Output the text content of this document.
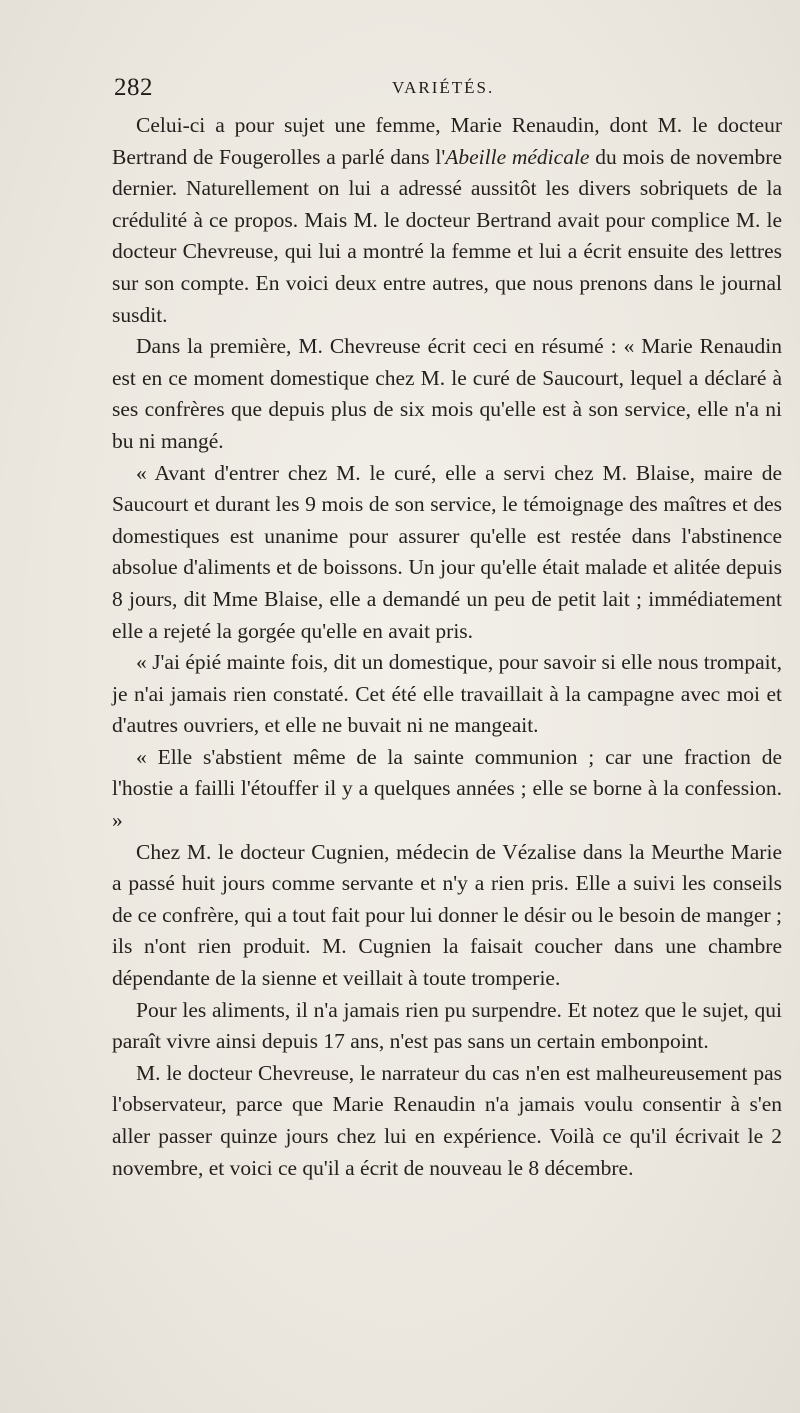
282	VARIÉTÉS.

Celui-ci a pour sujet une femme, Marie Renaudin, dont M. le docteur Bertrand de Fougerolles a parlé dans l'Abeille médicale du mois de novembre dernier. Naturellement on lui a adressé aussitôt les divers sobriquets de la crédulité à ce propos. Mais M. le docteur Bertrand avait pour complice M. le docteur Chevreuse, qui lui a montré la femme et lui a écrit ensuite des lettres sur son compte. En voici deux entre autres, que nous prenons dans le journal susdit.

Dans la première, M. Chevreuse écrit ceci en résumé : « Marie Renaudin est en ce moment domestique chez M. le curé de Saucourt, lequel a déclaré à ses confrères que depuis plus de six mois qu'elle est à son service, elle n'a ni bu ni mangé.

« Avant d'entrer chez M. le curé, elle a servi chez M. Blaise, maire de Saucourt et durant les 9 mois de son service, le témoignage des maîtres et des domestiques est unanime pour assurer qu'elle est restée dans l'abstinence absolue d'aliments et de boissons. Un jour qu'elle était malade et alitée depuis 8 jours, dit Mme Blaise, elle a demandé un peu de petit lait ; immédiatement elle a rejeté la gorgée qu'elle en avait pris.

« J'ai épié mainte fois, dit un domestique, pour savoir si elle nous trompait, je n'ai jamais rien constaté. Cet été elle travaillait à la campagne avec moi et d'autres ouvriers, et elle ne buvait ni ne mangeait.

« Elle s'abstient même de la sainte communion ; car une fraction de l'hostie a failli l'étouffer il y a quelques années ; elle se borne à la confession. »

Chez M. le docteur Cugnien, médecin de Vézalise dans la Meurthe Marie a passé huit jours comme servante et n'y a rien pris. Elle a suivi les conseils de ce confrère, qui a tout fait pour lui donner le désir ou le besoin de manger ; ils n'ont rien produit. M. Cugnien la faisait coucher dans une chambre dépendante de la sienne et veillait à toute tromperie.

Pour les aliments, il n'a jamais rien pu surpendre. Et notez que le sujet, qui paraît vivre ainsi depuis 17 ans, n'est pas sans un certain embonpoint.

M. le docteur Chevreuse, le narrateur du cas n'en est malheureusement pas l'observateur, parce que Marie Renaudin n'a jamais voulu consentir à s'en aller passer quinze jours chez lui en expérience. Voilà ce qu'il écrivait le 2 novembre, et voici ce qu'il a écrit de nouveau le 8 décembre.
